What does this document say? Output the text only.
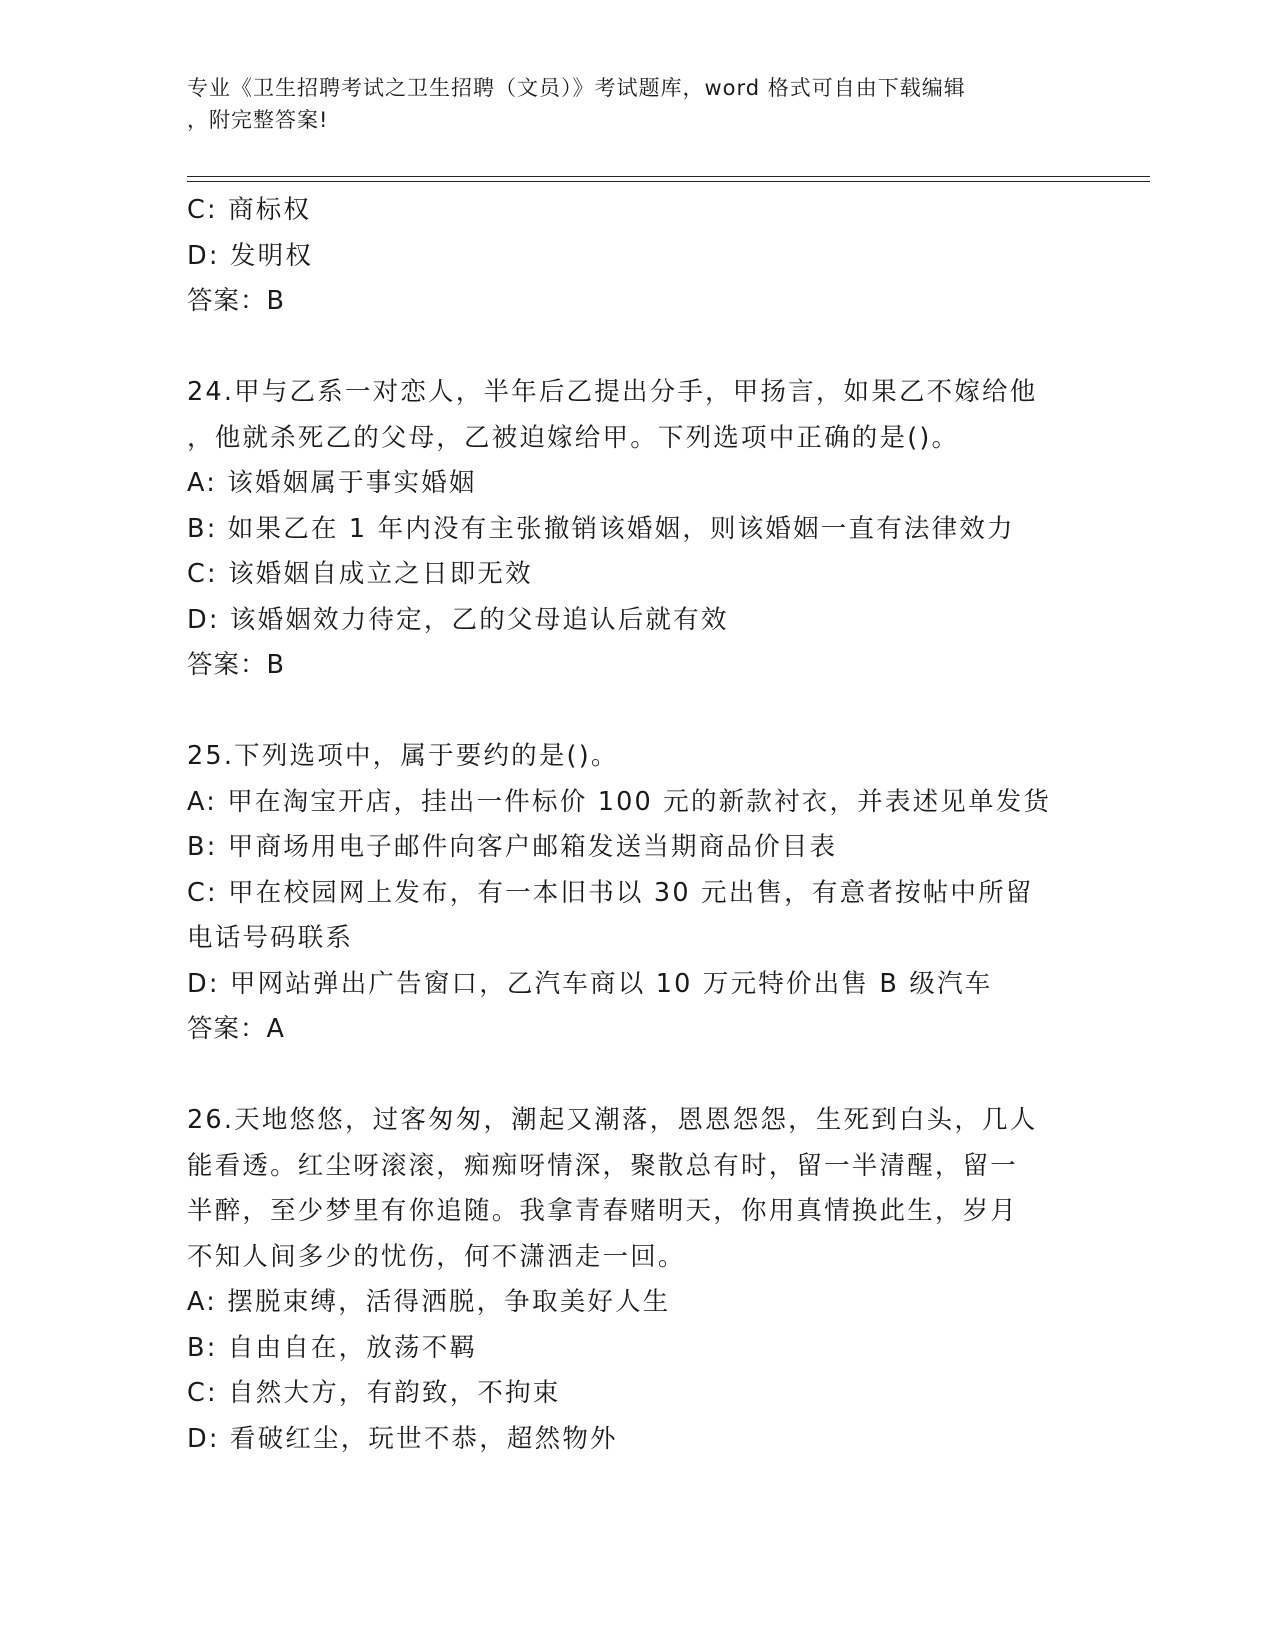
专业《卫生招聘考试之卫生招聘（文员）》考试题库，word 格式可自由下载编辑
，附完整答案!
C: 商标权
D: 发明权
答案：B
24.甲与乙系一对恋人，半年后乙提出分手，甲扬言，如果乙不嫁给他
，他就杀死乙的父母，乙被迫嫁给甲。下列选项中正确的是()。
A: 该婚姻属于事实婚姻
B: 如果乙在 1 年内没有主张撤销该婚姻，则该婚姻一直有法律效力
C: 该婚姻自成立之日即无效
D: 该婚姻效力待定，乙的父母追认后就有效
答案：B
25.下列选项中，属于要约的是()。
A: 甲在淘宝开店，挂出一件标价 100 元的新款衬衣，并表述见单发货
B: 甲商场用电子邮件向客户邮箱发送当期商品价目表
C: 甲在校园网上发布，有一本旧书以 30 元出售，有意者按帖中所留
电话号码联系
D: 甲网站弹出广告窗口，乙汽车商以 10 万元特价出售 B 级汽车
答案：A
26.天地悠悠，过客匆匆，潮起又潮落，恩恩怨怨，生死到白头，几人
能看透。红尘呀滚滚，痴痴呀情深，聚散总有时，留一半清醒，留一
半醉，至少梦里有你追随。我拿青春赌明天，你用真情换此生，岁月
不知人间多少的忧伤，何不潇洒走一回。
A: 摆脱束缚，活得洒脱，争取美好人生
B: 自由自在，放荡不羁
C: 自然大方，有韵致，不拘束
D: 看破红尘，玩世不恭，超然物外
